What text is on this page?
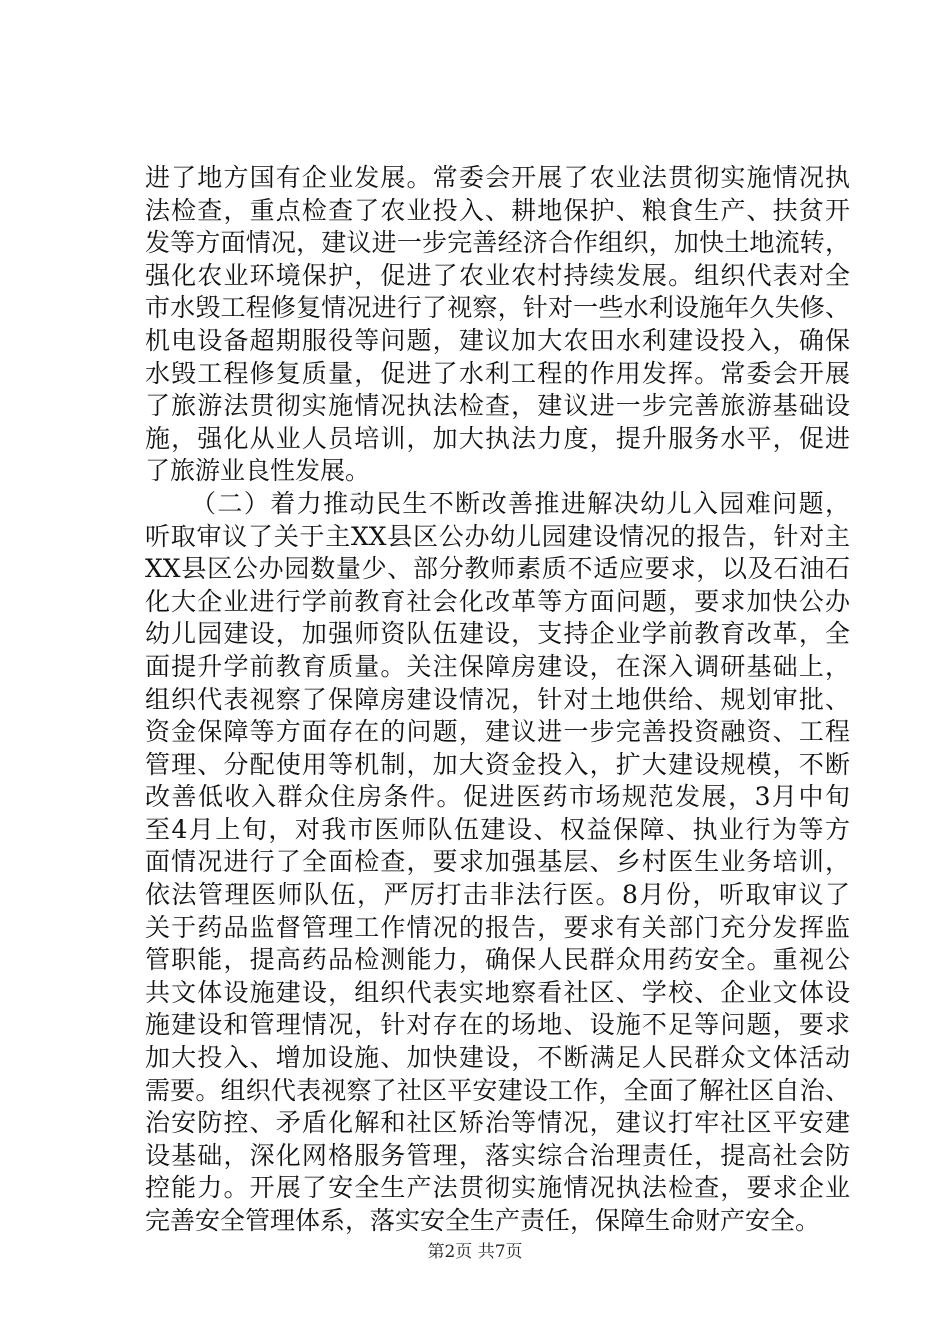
进了地方国有企业发展。常委会开展了农业法贯彻实施情况执
法检查，重点检查了农业投入、耕地保护、粮食生产、扶贫开
发等方面情况，建议进一步完善经济合作组织，加快土地流转，
强化农业环境保护，促进了农业农村持续发展。组织代表对全
市水毁工程修复情况进行了视察，针对一些水利设施年久失修、
机电设备超期服役等问题，建议加大农田水利建设投入，确保
水毁工程修复质量，促进了水利工程的作用发挥。常委会开展
了旅游法贯彻实施情况执法检查，建议进一步完善旅游基础设
施，强化从业人员培训，加大执法力度，提升服务水平，促进
了旅游业良性发展。
（二）着力推动民生不断改善推进解决幼儿入园难问题，
听取审议了关于主XX县区公办幼儿园建设情况的报告，针对主
XX县区公办园数量少、部分教师素质不适应要求，以及石油石
化大企业进行学前教育社会化改革等方面问题，要求加快公办
幼儿园建设，加强师资队伍建设，支持企业学前教育改革，全
面提升学前教育质量。关注保障房建设，在深入调研基础上，
组织代表视察了保障房建设情况，针对土地供给、规划审批、
资金保障等方面存在的问题，建议进一步完善投资融资、工程
管理、分配使用等机制，加大资金投入，扩大建设规模，不断
改善低收入群众住房条件。促进医药市场规范发展，3月中旬
至4月上旬，对我市医师队伍建设、权益保障、执业行为等方
面情况进行了全面检查，要求加强基层、乡村医生业务培训，
依法管理医师队伍，严厉打击非法行医。8月份，听取审议了
关于药品监督管理工作情况的报告，要求有关部门充分发挥监
管职能，提高药品检测能力，确保人民群众用药安全。重视公
共文体设施建设，组织代表实地察看社区、学校、企业文体设
施建设和管理情况，针对存在的场地、设施不足等问题，要求
加大投入、增加设施、加快建设，不断满足人民群众文体活动
需要。组织代表视察了社区平安建设工作，全面了解社区自治、
治安防控、矛盾化解和社区矫治等情况，建议打牢社区平安建
设基础，深化网格服务管理，落实综合治理责任，提高社会防
控能力。开展了安全生产法贯彻实施情况执法检查，要求企业
完善安全管理体系，落实安全生产责任，保障生命财产安全。
第2页 共7页
